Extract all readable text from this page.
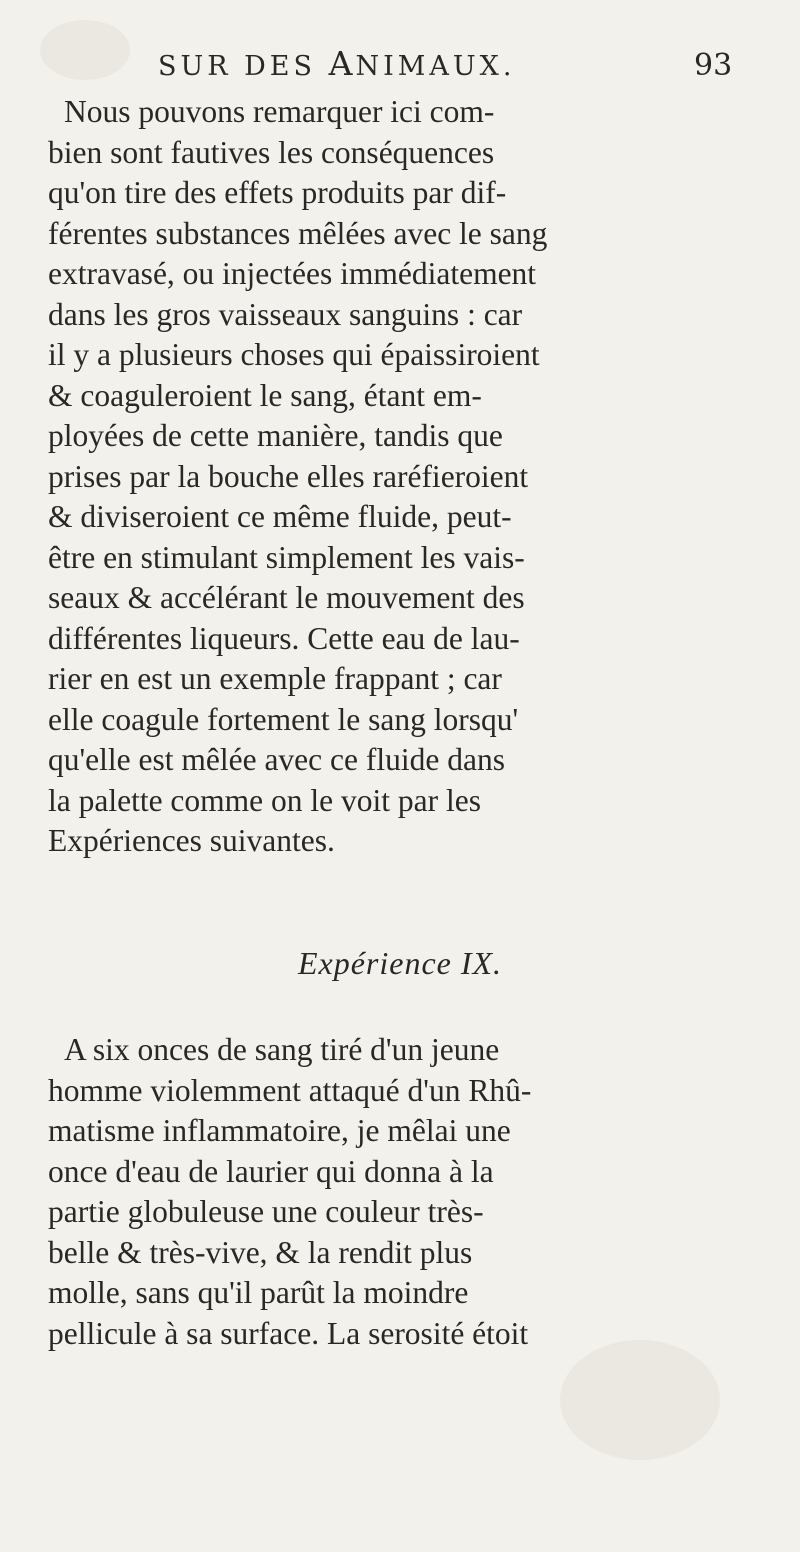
SUR DES ANIMAUX.	93
Nous pouvons remarquer ici com-
bien sont fautives les conséquences
qu'on tire des effets produits par dif-
férentes substances mêlées avec le sang
extravasé, ou injectées immédiatement
dans les gros vaisseaux sanguins : car
il y a plusieurs choses qui épaissiroient
& coaguleroient le sang, étant em-
ployées de cette manière, tandis que
prises par la bouche elles raréfieroient
& diviseroient ce même fluide, peut-
être en stimulant simplement les vais-
seaux & accélérant le mouvement des
différentes liqueurs. Cette eau de lau-
rier en est un exemple frappant ; car
elle coagule fortement le sang lorsqu'
qu'elle est mêlée avec ce fluide dans
la palette comme on le voit par les
Expériences suivantes.
Expérience IX.
A six onces de sang tiré d'un jeune
homme violemment attaqué d'un Rhû-
matisme inflammatoire, je mêlai une
once d'eau de laurier qui donna à la
partie globuleuse une couleur très-
belle & très-vive, & la rendit plus
molle, sans qu'il parût la moindre
pellicule à sa surface. La serosité étoit
